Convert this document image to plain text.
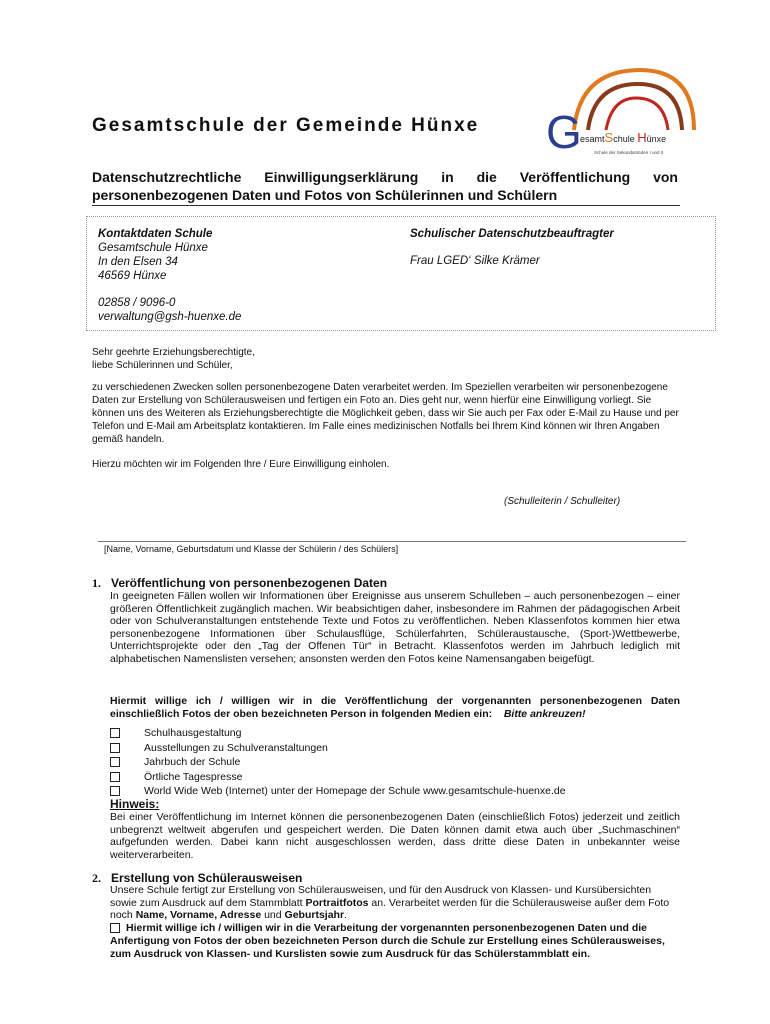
Gesamtschule der Gemeinde Hünxe G
esamtSchule Hünxe
Schule der Sekundarstufen I und II
Datenschutzrechtliche Einwilligungserklärung in die Veröffentlichung von
personenbezogenen Daten und Fotos von Schülerinnen und Schülern
Kontaktdaten Schule
Gesamtschule Hünxe
In den Elsen 34
46569 Hünxe
02858 / 9096-0
verwaltung@gsh-huenxe.de
Schulischer Datenschutzbeauftragter
Frau LGED‘ Silke Krämer
Sehr geehrte Erziehungsberechtigte,
liebe Schülerinnen und Schüler,
zu verschiedenen Zwecken sollen personenbezogene Daten verarbeitet werden. Im Speziellen verarbeiten wir personenbezogene Daten zur Erstellung von Schülerausweisen und fertigen ein Foto an. Dies geht nur, wenn hierfür eine Einwilligung vorliegt. Sie können uns des Weiteren als Erziehungsberechtigte die Möglichkeit geben, dass wir Sie auch per Fax oder E-Mail zu Hause und per Telefon und E-Mail am Arbeitsplatz kontaktieren. Im Falle eines medizinischen Notfalls bei Ihrem Kind können wir Ihren Angaben gemäß handeln.
Hierzu möchten wir im Folgenden Ihre / Eure Einwilligung einholen.
(Schulleiterin / Schulleiter)
[Name, Vorname, Geburtsdatum und Klasse der Schülerin / des Schülers]
1. Veröffentlichung von personenbezogenen Daten
In geeigneten Fällen wollen wir Informationen über Ereignisse aus unserem Schulleben – auch personenbezogen – einer größeren Öffentlichkeit zugänglich machen. Wir beabsichtigen daher, insbesondere im Rahmen der pädagogischen Arbeit oder von Schulveranstaltungen entstehende Texte und Fotos zu veröffentlichen. Neben Klassenfotos kommen hier etwa personenbezogene Informationen über Schulausflüge, Schülerfahrten, Schüleraustausche, (Sport-)Wettbewerbe, Unterrichtsprojekte oder den „Tag der Offenen Tür“ in Betracht. Klassenfotos werden im Jahrbuch lediglich mit alphabetischen Namenslisten versehen; ansonsten werden den Fotos keine Namensangaben beigefügt.
Hiermit willige ich / willigen wir in die Veröffentlichung der vorgenannten personenbezogenen Daten einschließlich Fotos der oben bezeichneten Person in folgenden Medien ein: Bitte ankreuzen!
Schulhausgestaltung
Ausstellungen zu Schulveranstaltungen
Jahrbuch der Schule
Örtliche Tagespresse
World Wide Web (Internet) unter der Homepage der Schule www.gesamtschule-huenxe.de
Hinweis:
Bei einer Veröffentlichung im Internet können die personenbezogenen Daten (einschließlich Fotos) jederzeit und zeitlich unbegrenzt weltweit abgerufen und gespeichert werden. Die Daten können damit etwa auch über „Suchmaschinen“ aufgefunden werden. Dabei kann nicht ausgeschlossen werden, dass dritte diese Daten in unbekannter weise weiterverarbeiten.
2. Erstellung von Schülerausweisen
Unsere Schule fertigt zur Erstellung von Schülerausweisen, und für den Ausdruck von Klassen- und Kursübersichten sowie zum Ausdruck auf dem Stammblatt Portraitfotos an. Verarbeitet werden für die Schülerausweise außer dem Foto noch Name, Vorname, Adresse und Geburtsjahr.
Hiermit willige ich / willigen wir in die Verarbeitung der vorgenannten personenbezogenen Daten und die Anfertigung von Fotos der oben bezeichneten Person durch die Schule zur Erstellung eines Schülerausweises, zum Ausdruck von Klassen- und Kurslisten sowie zum Ausdruck für das Schülerstammblatt ein.
